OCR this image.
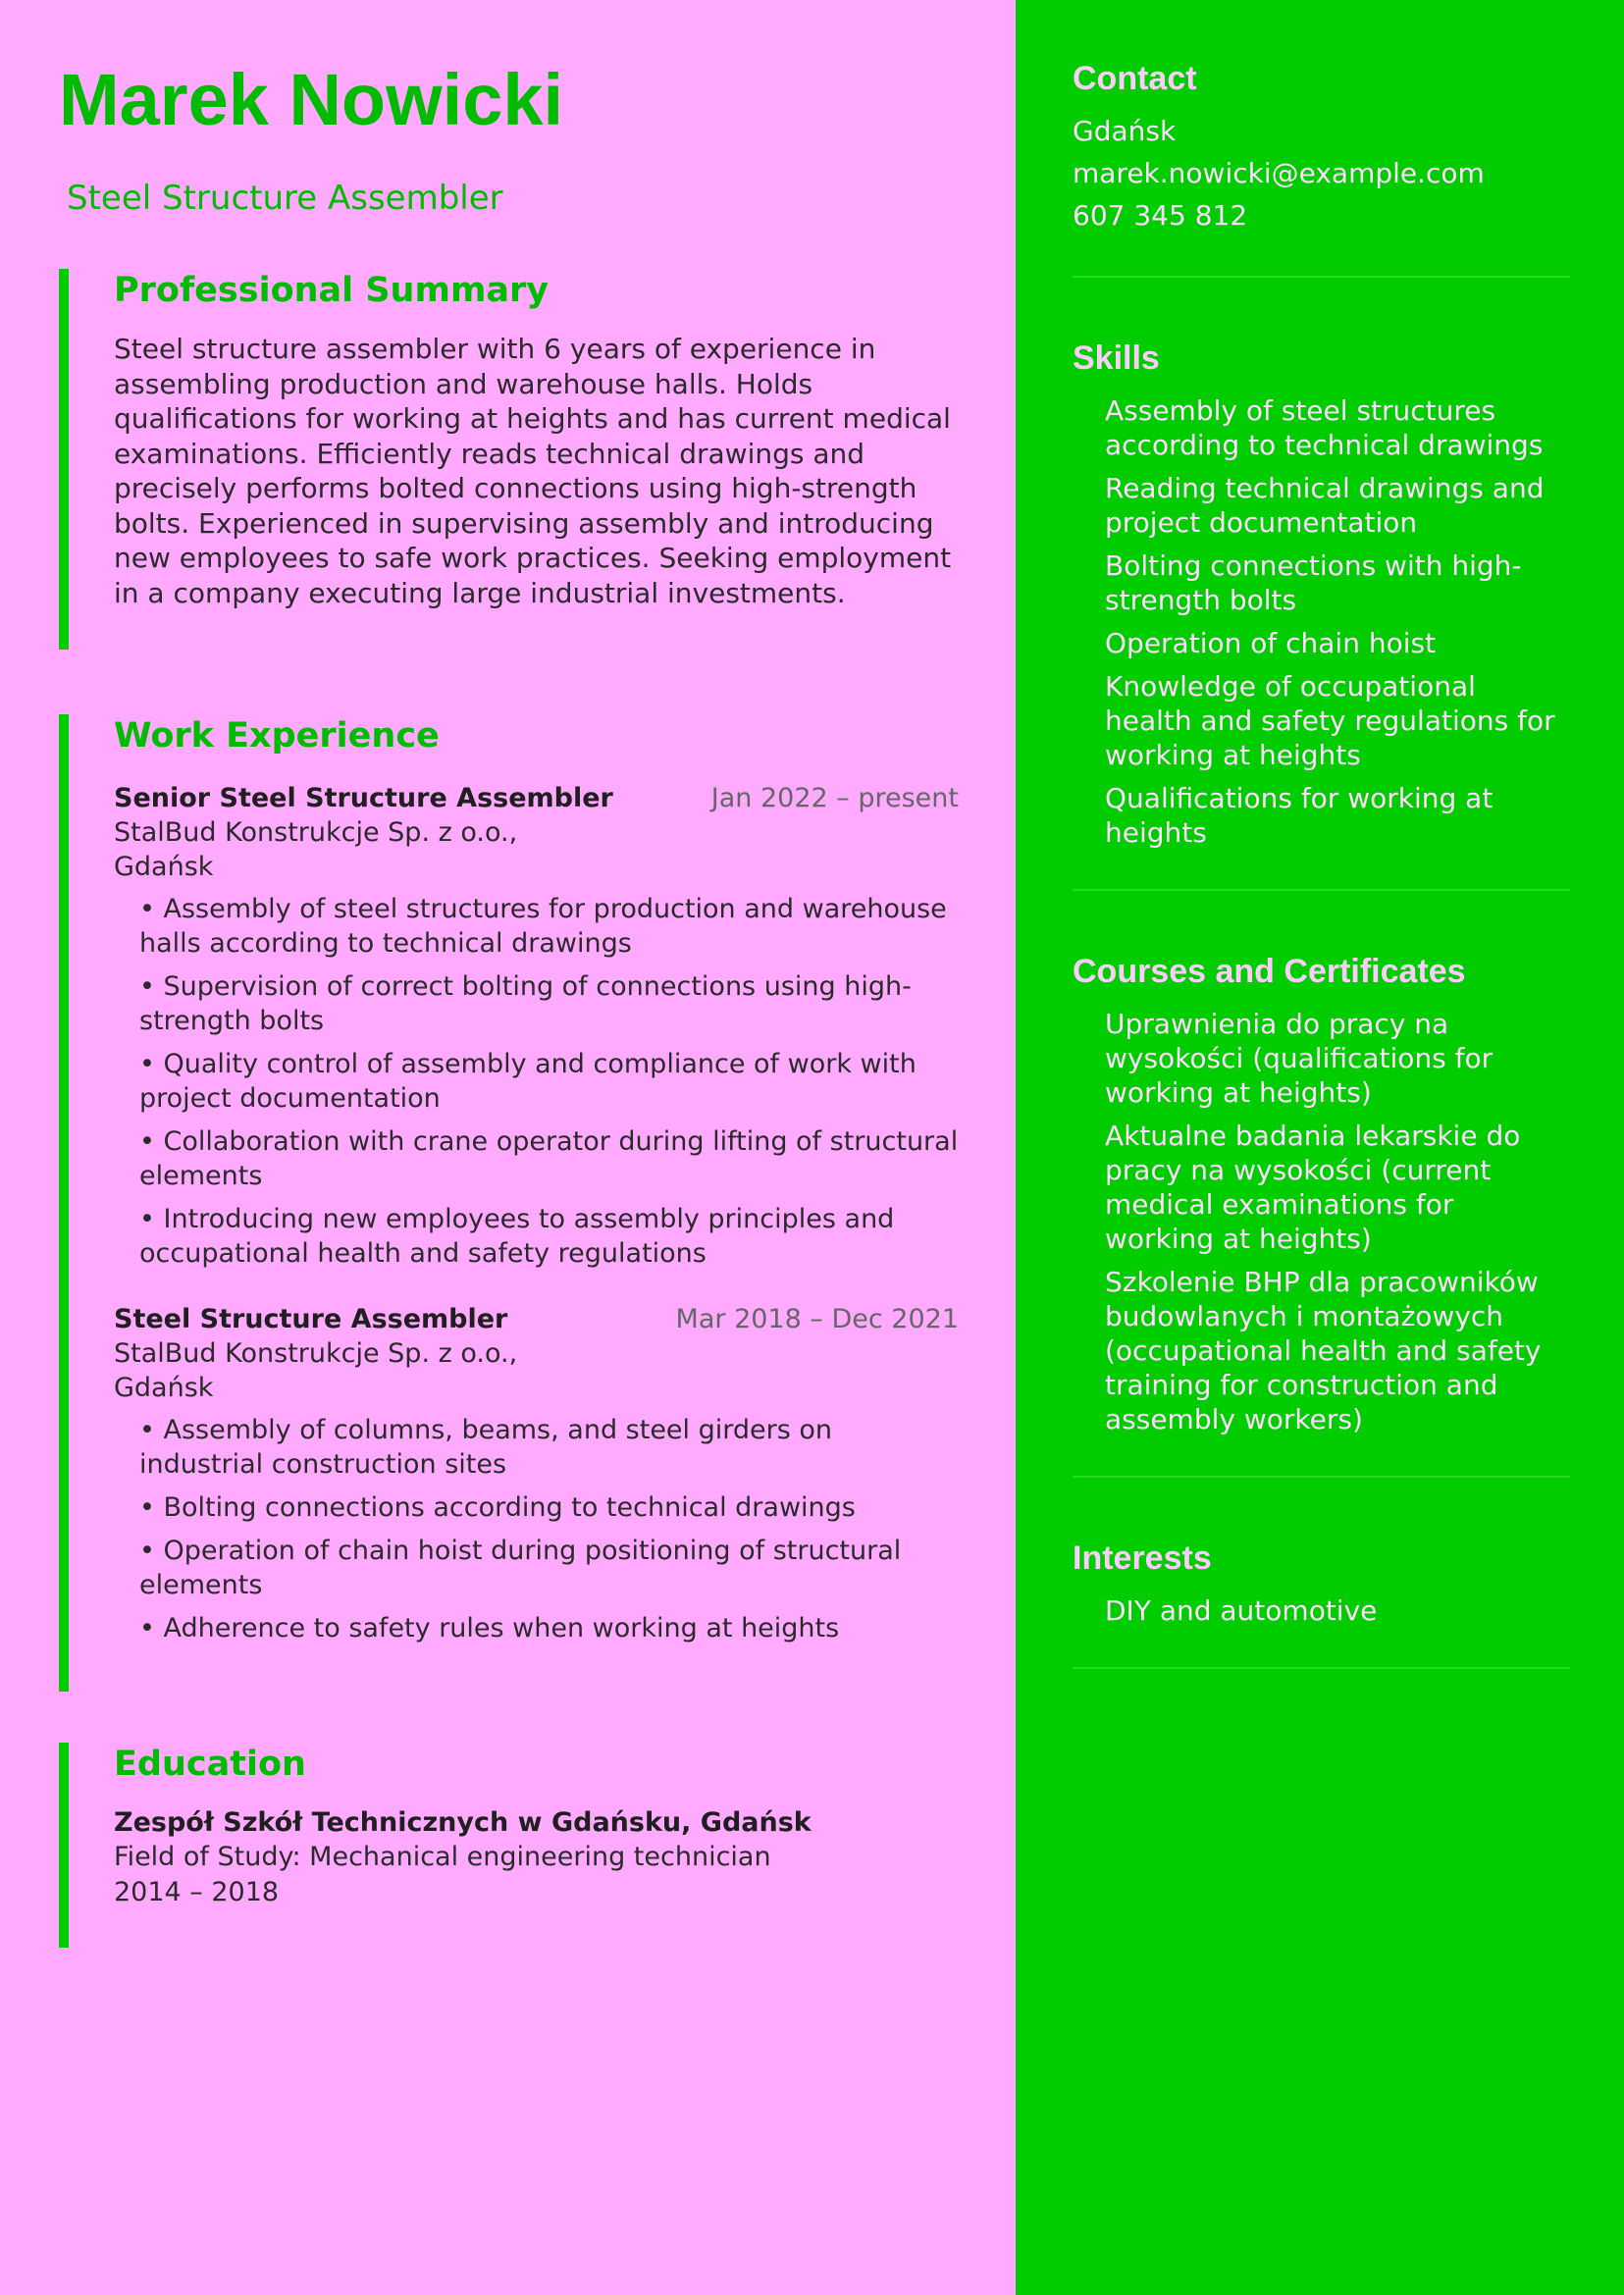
Marek Nowicki
Steel Structure Assembler
Professional Summary

Steel structure assembler with 6 years of experience in assembling production and warehouse halls. Holds qualifications for working at heights and has current medical examinations. Efficiently reads technical drawings and precisely performs bolted connections using high-strength bolts. Experienced in supervising assembly and introducing new employees to safe work practices. Seeking employment in a company executing large industrial investments.

Work Experience
Senior Steel Structure Assembler	Jan 2022 – present
StalBud Konstrukcje Sp. z o.o., Gdańsk
• Assembly of steel structures for production and warehouse halls according to technical drawings
• Supervision of correct bolting of connections using high-strength bolts
• Quality control of assembly and compliance of work with project documentation
• Collaboration with crane operator during lifting of structural elements
• Introducing new employees to assembly principles and occupational health and safety regulations
Steel Structure Assembler	Mar 2018 – Dec 2021
StalBud Konstrukcje Sp. z o.o., Gdańsk
• Assembly of columns, beams, and steel girders on industrial construction sites
• Bolting connections according to technical drawings
• Operation of chain hoist during positioning of structural elements
• Adherence to safety rules when working at heights
Education
Zespół Szkół Technicznych w Gdańsku, Gdańsk
Field of Study: Mechanical engineering technician
2014 – 2018
Contact
Gdańsk
marek.nowicki@example.com
607 345 812
Skills
Assembly of steel structures according to technical drawings
Reading technical drawings and project documentation
Bolting connections with high-strength bolts
Operation of chain hoist
Knowledge of occupational health and safety regulations for working at heights
Qualifications for working at heights
Courses and Certificates
Uprawnienia do pracy na wysokości (qualifications for working at heights)
Aktualne badania lekarskie do pracy na wysokości (current medical examinations for working at heights)
Szkolenie BHP dla pracowników budowlanych i montażowych (occupational health and safety training for construction and assembly workers)
Interests
DIY and automotive
